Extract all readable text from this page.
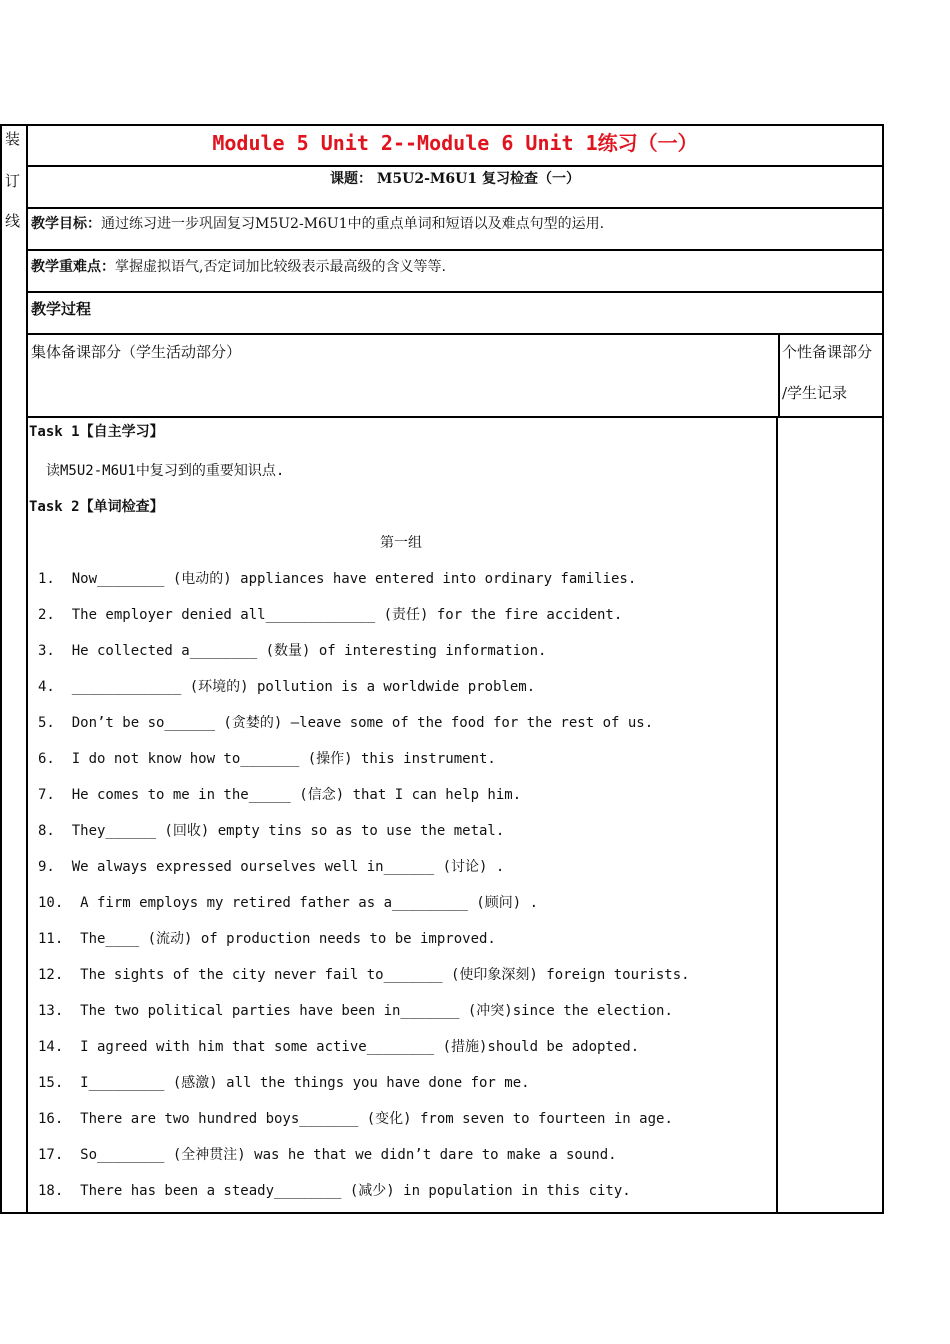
装
订
线
Module 5 Unit 2--Module 6 Unit 1练习（一）
课题： M5U2-M6U1 复习检查（一）
教学目标：通过练习进一步巩固复习M5U2-M6U1中的重点单词和短语以及难点句型的运用.
教学重难点：掌握虚拟语气,否定词加比较级表示最高级的含义等等.
教学过程
集体备课部分（学生活动部分）	个性备课部分
/学生记录
Task 1【自主学习】
读M5U2-M6U1中复习到的重要知识点.
Task 2【单词检查】
第一组
1.  Now________ (电动的) appliances have entered into ordinary families.
2.  The employer denied all_____________ (责任) for the fire accident.
3.  He collected a________ (数量) of interesting information.
4.  _____________ (环境的) pollution is a worldwide problem.
5.  Don’t be so______ (贪婪的) —leave some of the food for the rest of us.
6.  I do not know how to_______ (操作) this instrument.
7.  He comes to me in the_____ (信念) that I can help him.
8.  They______ (回收) empty tins so as to use the metal.
9.  We always expressed ourselves well in______ (讨论) .
10.  A firm employs my retired father as a_________ (顾问) .
11.  The____ (流动) of production needs to be improved.
12.  The sights of the city never fail to_______ (使印象深刻) foreign tourists.
13.  The two political parties have been in_______ (冲突)since the election.
14.  I agreed with him that some active________ (措施)should be adopted.
15.  I_________ (感激) all the things you have done for me.
16.  There are two hundred boys_______ (变化) from seven to fourteen in age.
17.  So________ (全神贯注) was he that we didn’t dare to make a sound.
18.  There has been a steady________ (减少) in population in this city.
